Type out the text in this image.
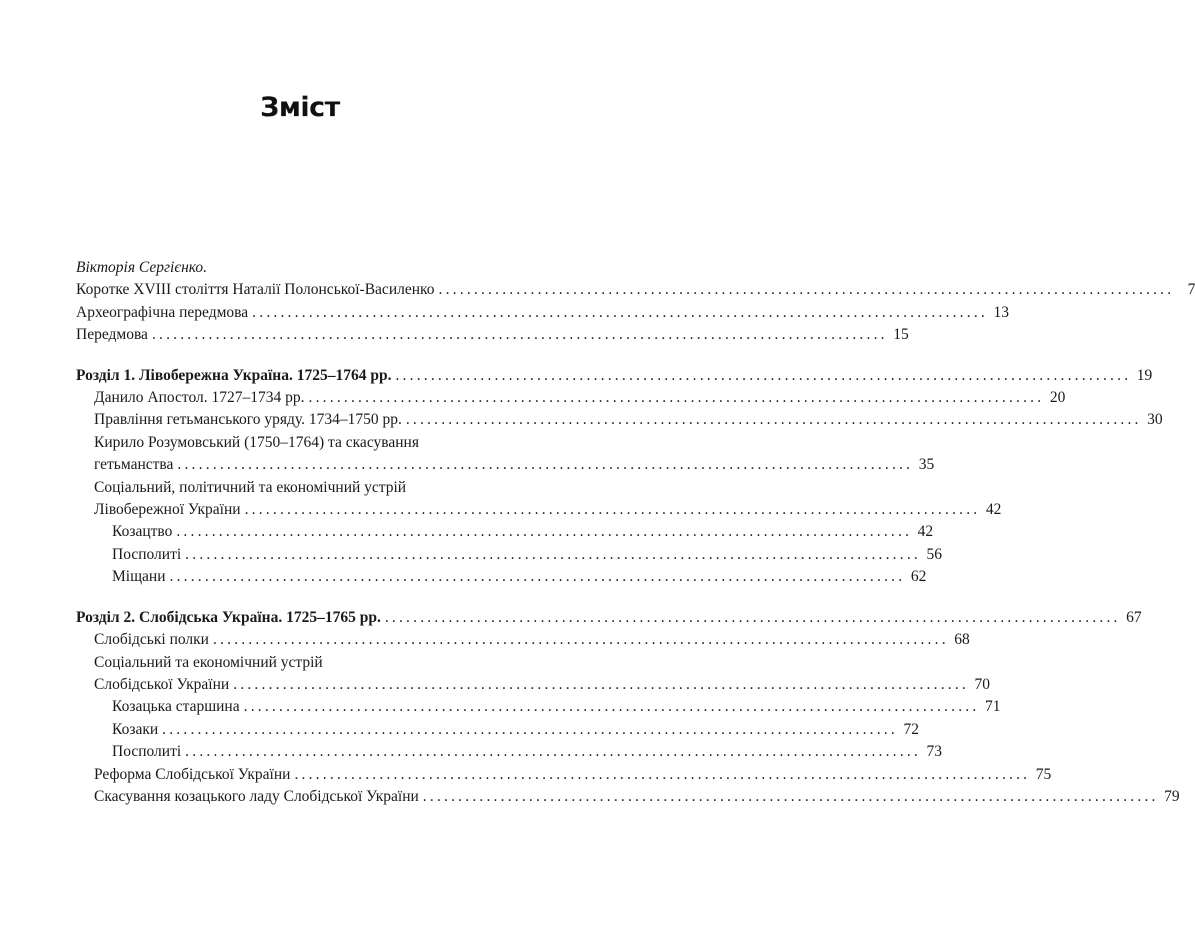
Зміст
Вікторія Сергієнко.
Коротке XVIII століття Наталії Полонської-Василенко ........................................................................................................ 7
Археографічна передмова ........................................................................................................ 13
Передмова ........................................................................................................ 15
Розділ 1. Лівобережна Україна. 1725–1764 рр. ........................................................................................................ 19
Данило Апостол. 1727–1734 рр. ........................................................................................................ 20
Правління гетьманського уряду. 1734–1750 рр. ........................................................................................................ 30
Кирило Розумовський (1750–1764) та скасування
гетьманства ........................................................................................................ 35
Соціальний, політичний та економічний устрій
Лівобережної України ........................................................................................................ 42
Козацтво ........................................................................................................ 42
Посполиті ........................................................................................................ 56
Міщани ........................................................................................................ 62
Розділ 2. Слобідська Україна. 1725–1765 рр. ........................................................................................................ 67
Слобідські полки ........................................................................................................ 68
Соціальний та економічний устрій
Слобідської України ........................................................................................................ 70
Козацька старшина ........................................................................................................ 71
Козаки ........................................................................................................ 72
Посполиті ........................................................................................................ 73
Реформа Слобідської України ........................................................................................................ 75
Скасування козацького ладу Слобідської України ........................................................................................................ 79
